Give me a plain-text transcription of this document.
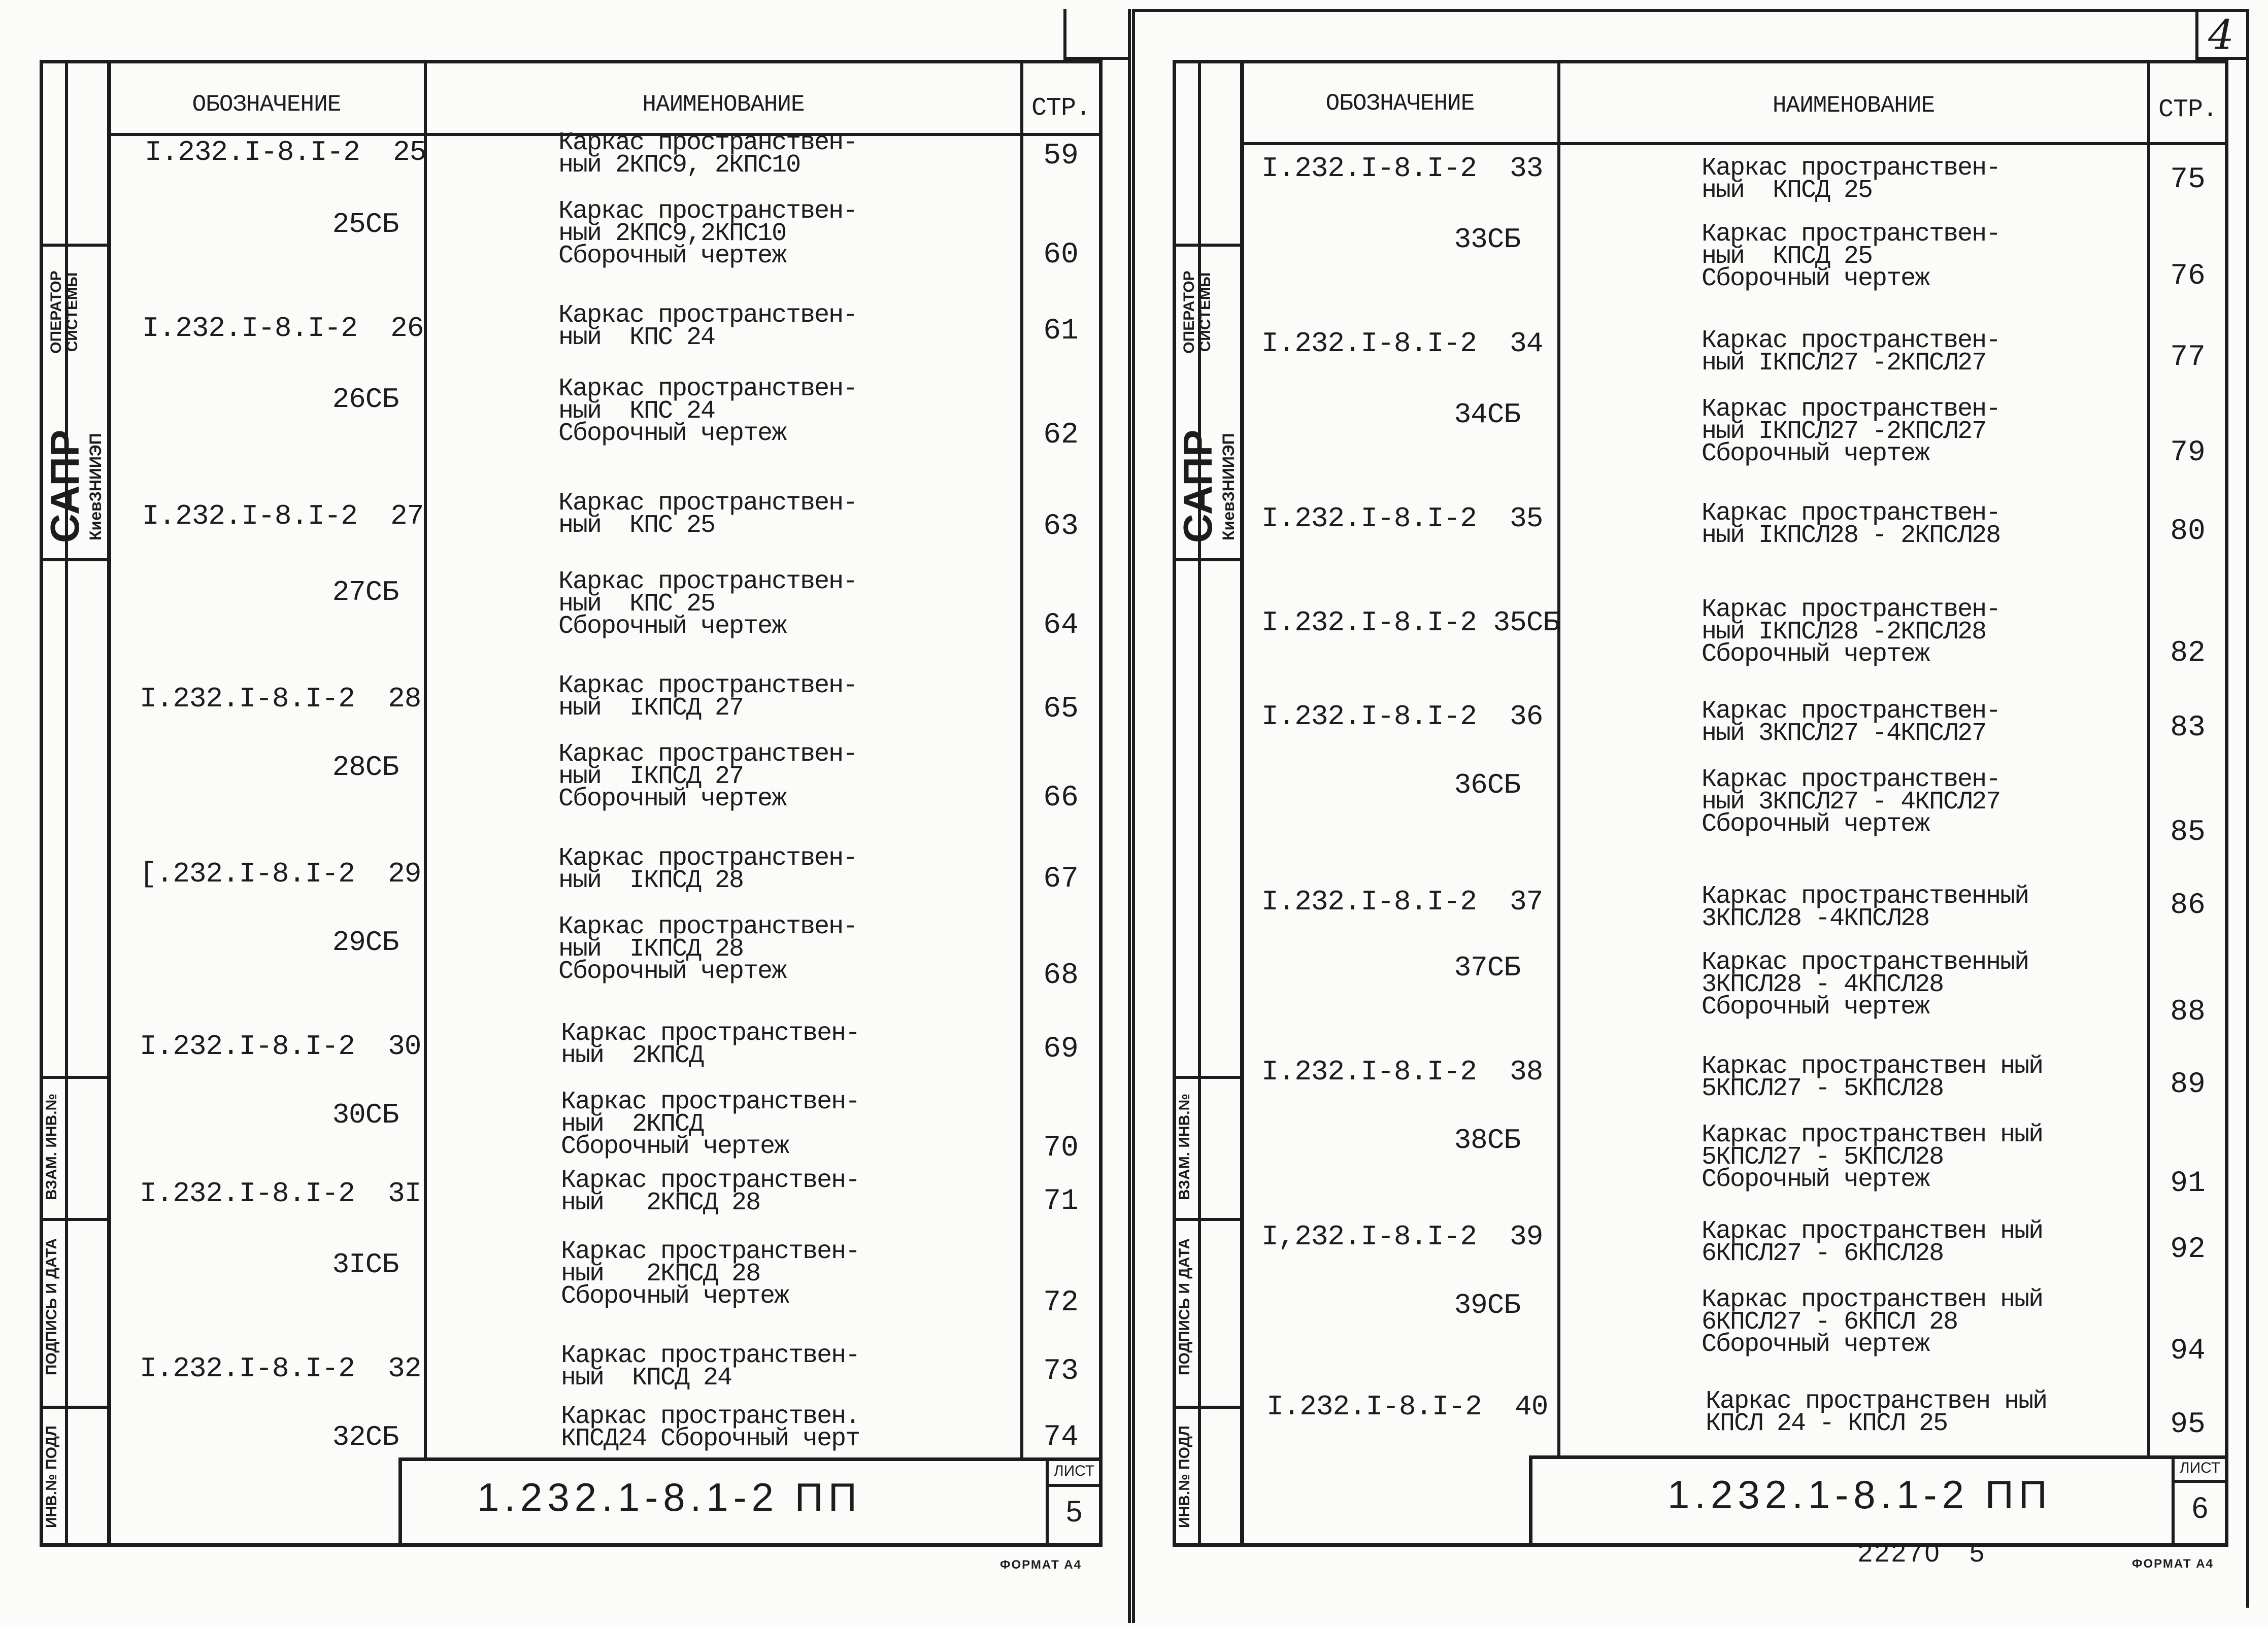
ОПЕРАТОР
СИСТЕМЫ
САПР
КиевЗНИИЭП
ВЗАМ. ИНВ.№
ПОДПИСЬ И ДАТА
ИНВ.№ ПОДЛ
ОБОЗНАЧЕНИЕ	НАИМЕНОВАНИЕ	СТР.
I.232.I-8.I-2  25	Каркас пространствен-
ный 2КПС9, 2КПС10	59
25СБ	Каркас пространствен-
ный 2КПС9,2КПС10
Сборочный чертеж	60
I.232.I-8.I-2  26	Каркас пространствен-
ный  КПС 24	61
26СБ	Каркас пространствен-
ный  КПС 24
Сборочный чертеж	62
I.232.I-8.I-2  27	Каркас пространствен-
ный  КПС 25	63
27СБ	Каркас пространствен-
ный  КПС 25
Сборочный чертеж	64
I.232.I-8.I-2  28	Каркас пространствен-
ный  IКПСД 27	65
28СБ	Каркас пространствен-
ный  IКПСД 27
Сборочный чертеж	66
[.232.I-8.I-2  29	Каркас пространствен-
ный  IКПСД 28	67
29СБ	Каркас пространствен-
ный  IКПСД 28
Сборочный чертеж	68
I.232.I-8.I-2  30	Каркас пространствен-
ный  2КПСД	69
30СБ	Каркас пространствен-
ный  2КПСД
Сборочный чертеж	70
I.232.I-8.I-2  3I	Каркас пространствен-
ный   2КПСД 28	71
3IСБ	Каркас пространствен-
ный   2КПСД 28
Сборочный чертеж	72
I.232.I-8.I-2  32	Каркас пространствен-
ный  КПСД 24	73
32СБ
Каркас пространствен.
КПСД24 Сборочный черт	74
1.232.1-8.1-2 ПП
ЛИСТ
5
ФОРМАТ А4
4
ОПЕРАТОР
СИСТЕМЫ
САПР
КиевЗНИИЭП
ВЗАМ. ИНВ.№
ПОДПИСЬ И ДАТА
ИНВ.№ ПОДЛ
ОБОЗНАЧЕНИЕ	НАИМЕНОВАНИЕ	СТР.
I.232.I-8.I-2  33	Каркас пространствен-
ный  КПСД 25	75
33СБ	Каркас пространствен-
ный  КПСД 25
Сборочный чертеж	76
I.232.I-8.I-2  34	Каркас пространствен-
ный IКПСЛ27 -2КПСЛ27	77
34СБ	Каркас пространствен-
ный IКПСЛ27 -2КПСЛ27
Сборочный чертеж	79
I.232.I-8.I-2  35	Каркас пространствен-
ный IКПСЛ28 - 2КПСЛ28	80
I.232.I-8.I-2 35СБ	Каркас пространствен-
ный IКПСЛ28 -2КПСЛ28
Сборочный чертеж	82
I.232.I-8.I-2  36	Каркас пространствен-
ный 3КПСЛ27 -4КПСЛ27	83
36СБ	Каркас пространствен-
ный 3КПСЛ27 - 4КПСЛ27
Сборочный чертеж	85
I.232.I-8.I-2  37	Каркас пространственный
3КПСЛ28 -4КПСЛ28	86
37СБ	Каркас пространственный
3КПСЛ28 - 4КПСЛ28
Сборочный чертеж	88
I.232.I-8.I-2  38	Каркас пространствен ный
5КПСЛ27 - 5КПСЛ28	89
38СБ	Каркас пространствен ный
5КПСЛ27 - 5КПСЛ28
Сборочный чертеж	91
I,232.I-8.I-2  39	Каркас пространствен ный
6КПСЛ27 - 6КПСЛ28	92
39СБ	Каркас пространствен ный
6КПСЛ27 - 6КПСЛ 28
Сборочный чертеж	94
I.232.I-8.I-2  40	Каркас пространствен ный
КПСЛ 24 - КПСЛ 25	95
1.232.1-8.1-2 ПП
ЛИСТ
6
22270   5	ФОРМАТ А4
